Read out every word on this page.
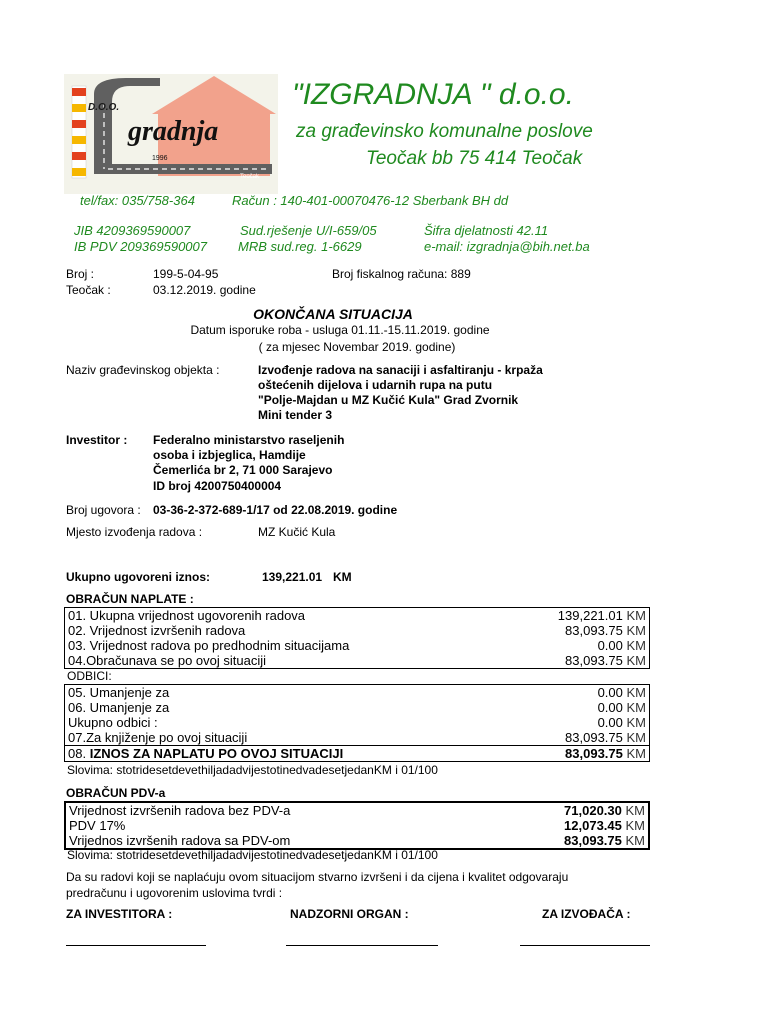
D.O.O.
gradnja
1996
Teočak
"IZGRADNJA " d.o.o.
za građevinsko komunalne poslove
Teočak bb 75 414 Teočak
tel/fax: 035/758-364	Račun : 140-401-00070476-12 Sberbank BH dd
JIB 4209369590007
IB PDV 209369590007
Sud.rješenje U/I-659/05
MRB sud.reg. 1-6629
Šifra djelatnosti 42.11
e-mail: izgradnja@bih.net.ba
Broj :	199-5-04-95	Broj fiskalnog računa: 889
Teočak :	03.12.2019. godine
OKONČANA SITUACIJA
Datum isporuke roba - usluga 01.11.-15.11.2019. godine
( za mjesec Novembar 2019. godine)
Naziv građevinskog objekta :	Izvođenje radova na sanaciji i asfaltiranju - krpaža
oštećenih dijelova i udarnih rupa na putu
"Polje-Majdan u MZ Kučić Kula" Grad Zvornik
Mini tender 3
Investitor : Federalno ministarstvo raseljenih
osoba i izbjeglica, Hamdije
Čemerlića br 2, 71 000 Sarajevo
ID broj 4200750400004
Broj ugovora : 03-36-2-372-689-1/17 od 22.08.2019. godine
Mjesto izvođenja radova :	MZ Kučić Kula
Ukupno ugovoreni iznos:	139,221.01 KM
OBRAČUN NAPLATE :
01. Ukupna vrijednost ugovorenih radova	139,221.01 KM
02. Vrijednost izvršenih radova	83,093.75 KM
03. Vrijednost radova po predhodnim situacijama	0.00 KM
04.Obračunava se po ovoj situaciji	83,093.75 KM
ODBICI:
05. Umanjenje za	0.00 KM
06. Umanjenje za	0.00 KM
Ukupno odbici :	0.00 KM
07.Za knjiženje po ovoj situaciji	83,093.75 KM
08. IZNOS ZA NAPLATU PO OVOJ SITUACIJI	83,093.75 KM
Slovima: stotridesetdevethiljadadvijestotinedvadesetjedanKM i 01/100
OBRAČUN PDV-a
Vrijednost izvršenih radova bez PDV-a	71,020.30 KM
PDV 17%	12,073.45 KM
Vrijednos izvršenih radova sa PDV-om	83,093.75 KM
Slovima: stotridesetdevethiljadadvijestotinedvadesetjedanKM i 01/100
Da su radovi koji se naplaćuju ovom situacijom stvarno izvršeni i da cijena i kvalitet odgovaraju
predračunu i ugovorenim uslovima tvrdi :
ZA INVESTITORA :	NADZORNI ORGAN :	ZA IZVOĐAČA :
